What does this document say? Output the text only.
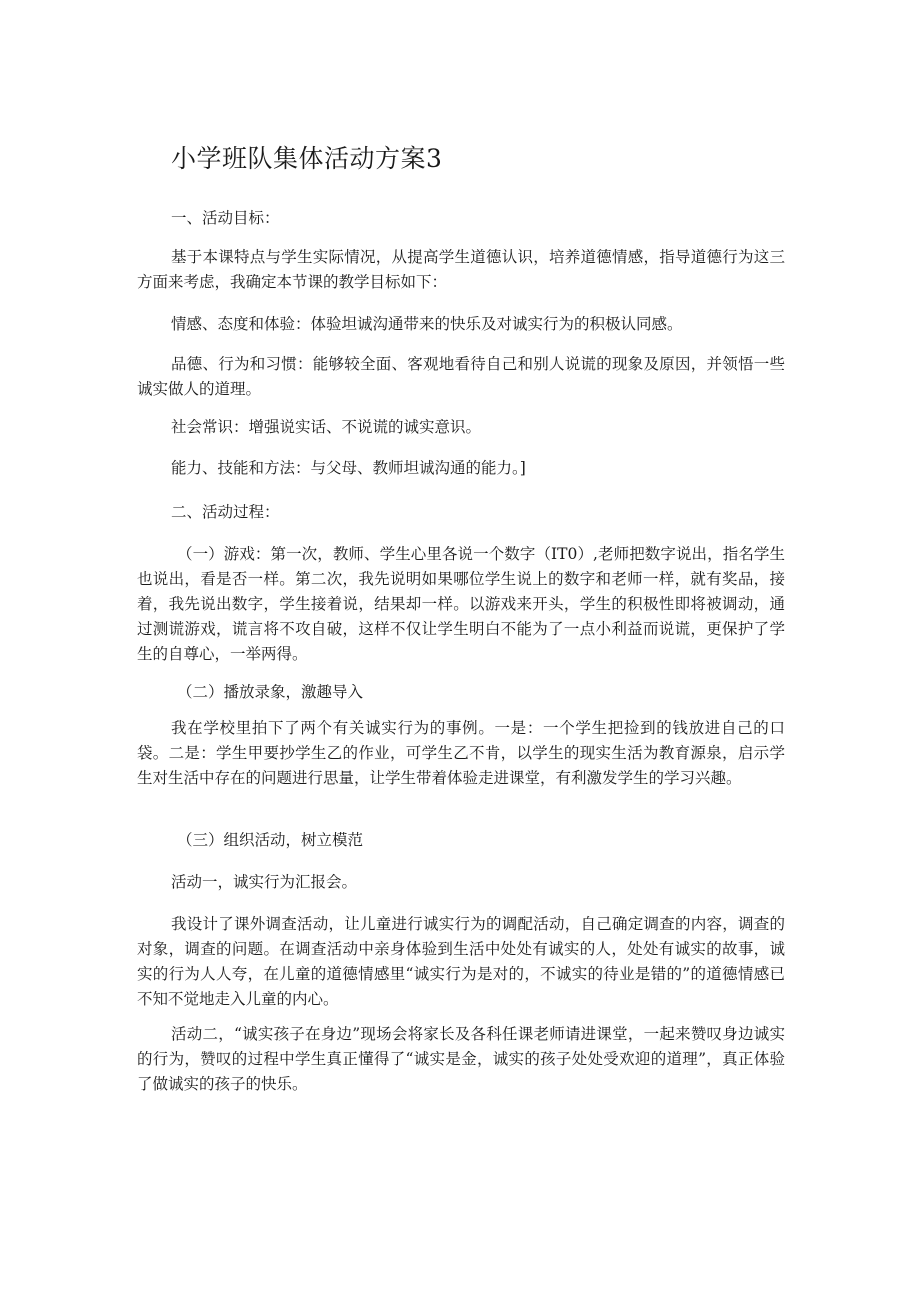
小学班队集体活动方案3

一、活动目标：

基于本课特点与学生实际情况，从提高学生道德认识，培养道德情感，指导道德行为这三方面来考虑，我确定本节课的教学目标如下：

情感、态度和体验：体验坦诚沟通带来的快乐及对诚实行为的积极认同感。

品德、行为和习惯：能够较全面、客观地看待自己和别人说谎的现象及原因，并领悟一些诚实做人的道理。

社会常识：增强说实话、不说谎的诚实意识。

能力、技能和方法：与父母、教师坦诚沟通的能力。]

二、活动过程：

（一）游戏：第一次，教师、学生心里各说一个数字（IT0）,老师把数字说出，指名学生也说出，看是否一样。第二次，我先说明如果哪位学生说上的数字和老师一样，就有奖品，接着，我先说出数字，学生接着说，结果却一样。以游戏来开头，学生的积极性即将被调动，通过测谎游戏，谎言将不攻自破，这样不仅让学生明白不能为了一点小利益而说谎，更保护了学生的自尊心，一举两得。

（二）播放录象，激趣导入

我在学校里拍下了两个有关诚实行为的事例。一是：一个学生把捡到的钱放进自己的口袋。二是：学生甲要抄学生乙的作业，可学生乙不肯，以学生的现实生活为教育源泉，启示学生对生活中存在的问题进行思量，让学生带着体验走进课堂，有利激发学生的学习兴趣。

（三）组织活动，树立模范

活动一，诚实行为汇报会。

我设计了课外调查活动，让儿童进行诚实行为的调配活动，自己确定调查的内容，调查的对象，调查的问题。在调查活动中亲身体验到生活中处处有诚实的人，处处有诚实的故事，诚实的行为人人夸，在儿童的道德情感里“诚实行为是对的，不诚实的待业是错的”的道德情感已不知不觉地走入儿童的内心。

活动二，“诚实孩子在身边”现场会将家长及各科任课老师请进课堂，一起来赞叹身边诚实的行为，赞叹的过程中学生真正懂得了“诚实是金，诚实的孩子处处受欢迎的道理”，真正体验了做诚实的孩子的快乐。
